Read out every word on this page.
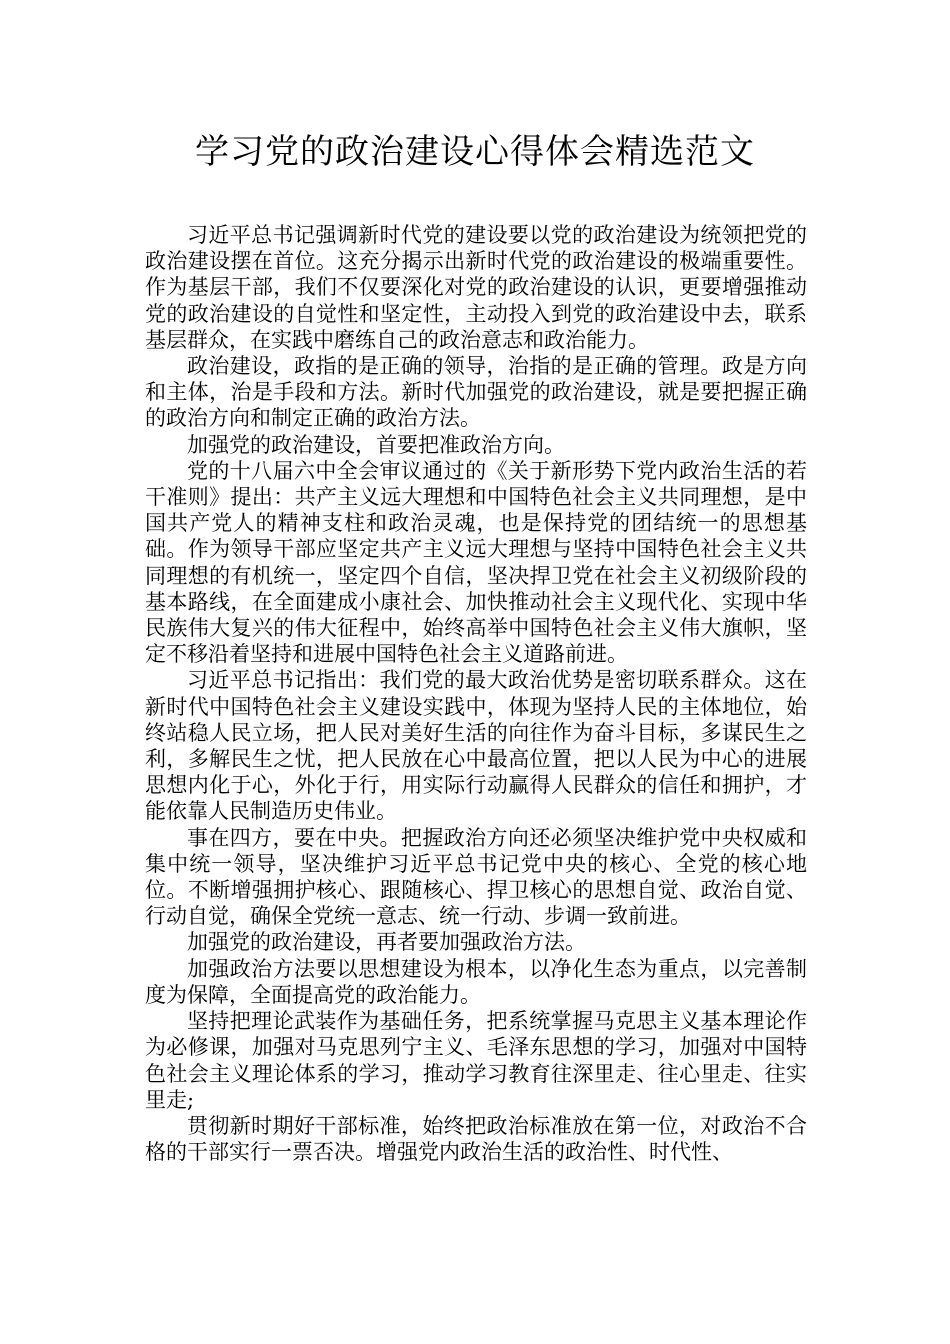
学习党的政治建设心得体会精选范文

习近平总书记强调新时代党的建设要以党的政治建设为统领把党的政治建设摆在首位。这充分揭示出新时代党的政治建设的极端重要性。作为基层干部，我们不仅要深化对党的政治建设的认识，更要增强推动党的政治建设的自觉性和坚定性，主动投入到党的政治建设中去，联系基层群众，在实践中磨练自己的政治意志和政治能力。

政治建设，政指的是正确的领导，治指的是正确的管理。政是方向和主体，治是手段和方法。新时代加强党的政治建设，就是要把握正确的政治方向和制定正确的政治方法。

加强党的政治建设，首要把准政治方向。

党的十八届六中全会审议通过的《关于新形势下党内政治生活的若干准则》提出：共产主义远大理想和中国特色社会主义共同理想，是中国共产党人的精神支柱和政治灵魂，也是保持党的团结统一的思想基础。作为领导干部应坚定共产主义远大理想与坚持中国特色社会主义共同理想的有机统一，坚定四个自信，坚决捍卫党在社会主义初级阶段的基本路线，在全面建成小康社会、加快推动社会主义现代化、实现中华民族伟大复兴的伟大征程中，始终高举中国特色社会主义伟大旗帜，坚定不移沿着坚持和进展中国特色社会主义道路前进。

习近平总书记指出：我们党的最大政治优势是密切联系群众。这在新时代中国特色社会主义建设实践中，体现为坚持人民的主体地位，始终站稳人民立场，把人民对美好生活的向往作为奋斗目标，多谋民生之利，多解民生之忧，把人民放在心中最高位置，把以人民为中心的进展思想内化于心，外化于行，用实际行动赢得人民群众的信任和拥护，才能依靠人民制造历史伟业。

事在四方，要在中央。把握政治方向还必须坚决维护党中央权威和集中统一领导，坚决维护习近平总书记党中央的核心、全党的核心地位。不断增强拥护核心、跟随核心、捍卫核心的思想自觉、政治自觉、行动自觉，确保全党统一意志、统一行动、步调一致前进。

加强党的政治建设，再者要加强政治方法。

加强政治方法要以思想建设为根本，以净化生态为重点，以完善制度为保障，全面提高党的政治能力。

坚持把理论武装作为基础任务，把系统掌握马克思主义基本理论作为必修课，加强对马克思列宁主义、毛泽东思想的学习，加强对中国特色社会主义理论体系的学习，推动学习教育往深里走、往心里走、往实里走;

贯彻新时期好干部标准，始终把政治标准放在第一位，对政治不合格的干部实行一票否决。增强党内政治生活的政治性、时代性、
